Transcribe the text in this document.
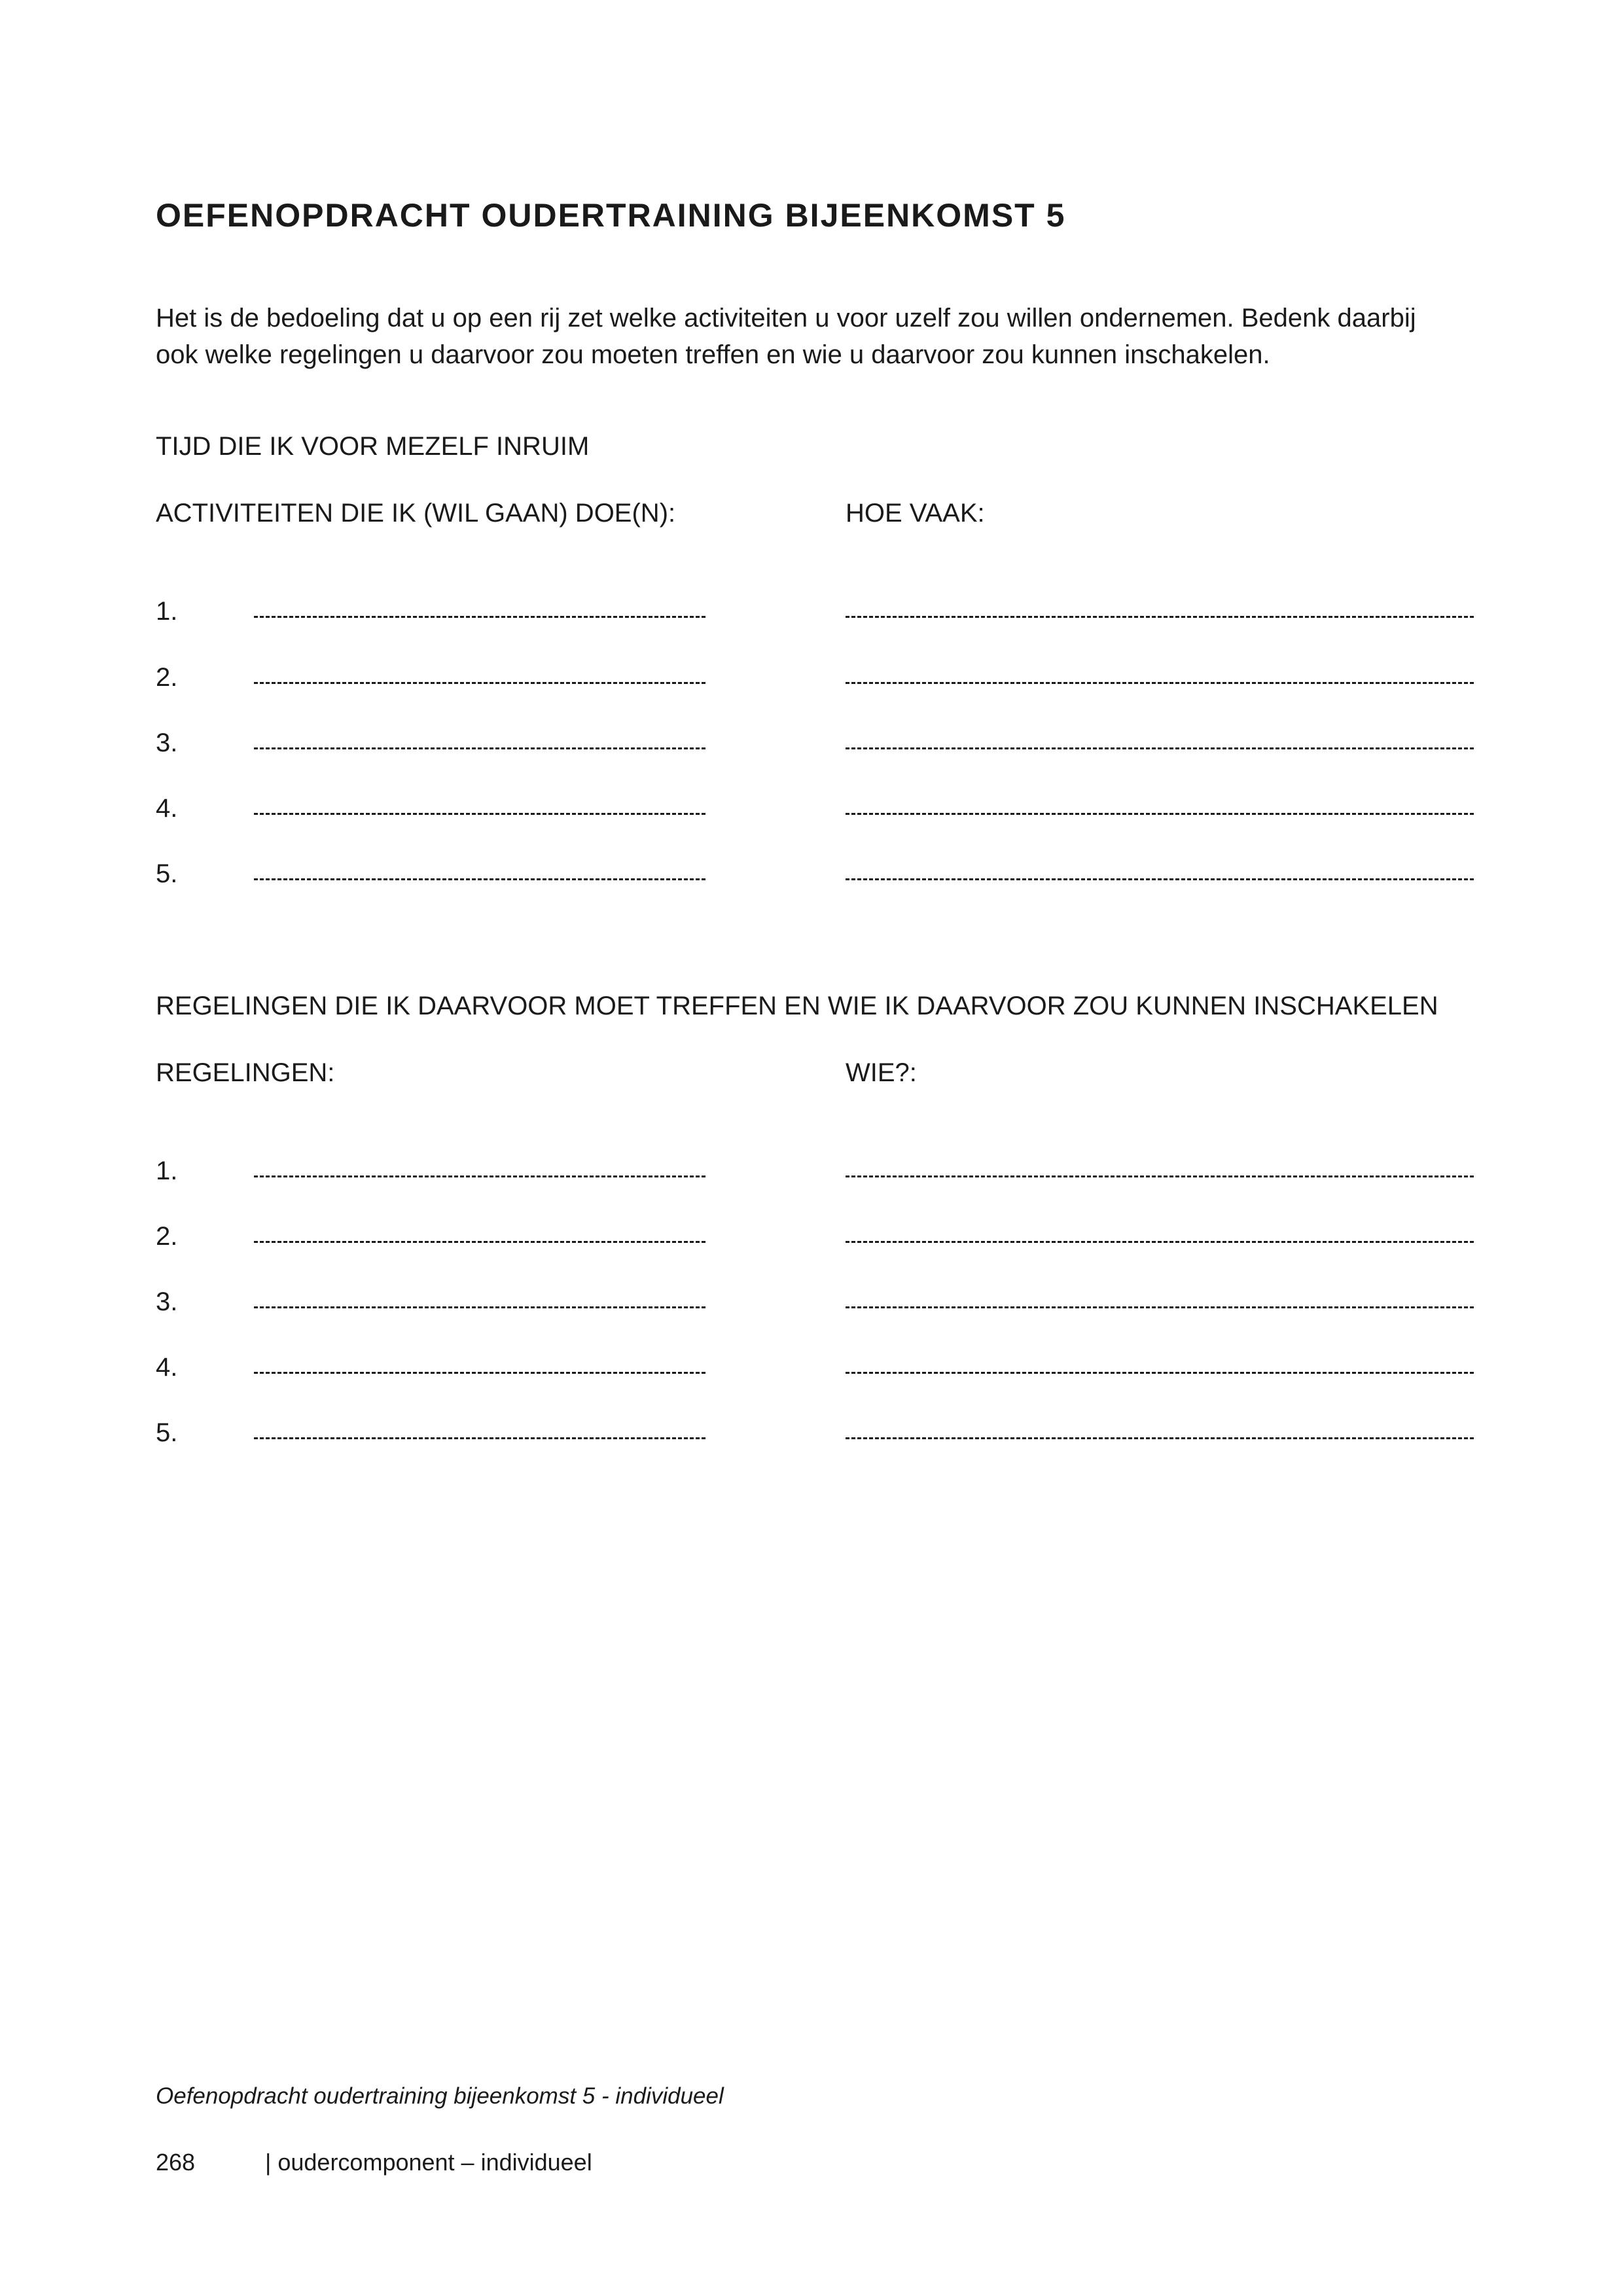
OEFENOPDRACHT OUDERTRAINING BIJEENKOMST 5

Het is de bedoeling dat u op een rij zet welke activiteiten u voor uzelf zou willen ondernemen. Bedenk daarbij

ook welke regelingen u daarvoor zou moeten treffen en wie u daarvoor zou kunnen inschakelen.

TIJD DIE IK VOOR MEZELF INRUIM
ACTIVITEITEN DIE IK (WIL GAAN) DOE(N):	HOE VAAK:
1.
2.
3.
4.
5.
REGELINGEN DIE IK DAARVOOR MOET TREFFEN EN WIE IK DAARVOOR ZOU KUNNEN INSCHAKELEN
REGELINGEN:	WIE?:
1.
2.
3.
4.
5.
Oefenopdracht oudertraining bijeenkomst 5 - individueel
268	| oudercomponent – individueel
